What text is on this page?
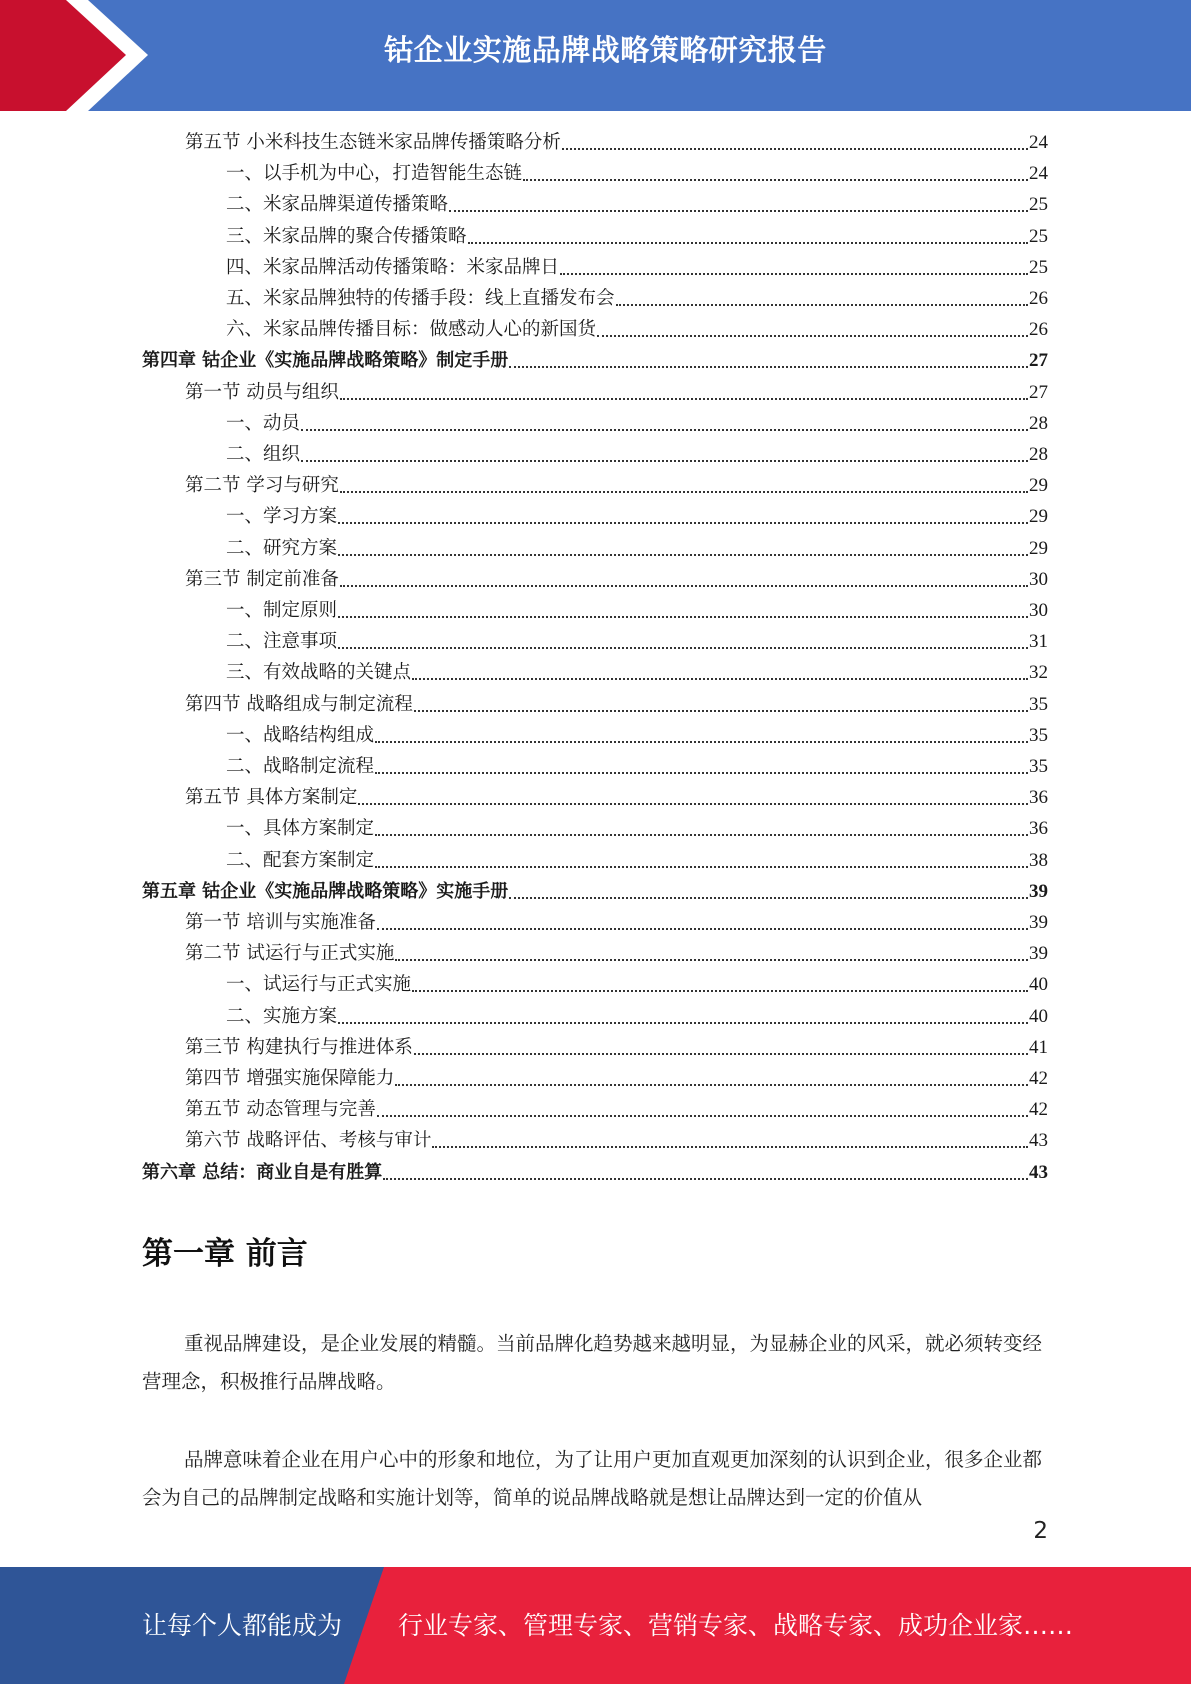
钴企业实施品牌战略策略研究报告
第一章 前言
重视品牌建设，是企业发展的精髓。当前品牌化趋势越来越明显，为显赫企业的风采，就必须转变经营理念，积极推行品牌战略。
品牌意味着企业在用户心中的形象和地位，为了让用户更加直观更加深刻的认识到企业，很多企业都会为自己的品牌制定战略和实施计划等，简单的说品牌战略就是想让品牌达到一定的价值从
2
让每个人都能成为 行业专家、管理专家、营销专家、战略专家、成功企业家……
第五节 小米科技生态链米家品牌传播策略分析	24
一、以手机为中心，打造智能生态链	24
二、米家品牌渠道传播策略	25
三、米家品牌的聚合传播策略	25
四、米家品牌活动传播策略：米家品牌日	25
五、米家品牌独特的传播手段：线上直播发布会	26
六、米家品牌传播目标：做感动人心的新国货	26
第四章 钴企业《实施品牌战略策略》制定手册	27
第一节 动员与组织	27
一、动员	28
二、组织	28
第二节 学习与研究	29
一、学习方案	29
二、研究方案	29
第三节 制定前准备	30
一、制定原则	30
二、注意事项	31
三、有效战略的关键点	32
第四节 战略组成与制定流程	35
一、战略结构组成	35
二、战略制定流程	35
第五节 具体方案制定	36
一、具体方案制定	36
二、配套方案制定	38
第五章 钴企业《实施品牌战略策略》实施手册	39
第一节 培训与实施准备	39
第二节 试运行与正式实施	39
一、试运行与正式实施	40
二、实施方案	40
第三节 构建执行与推进体系	41
第四节 增强实施保障能力	42
第五节 动态管理与完善	42
第六节 战略评估、考核与审计	43
第六章 总结：商业自是有胜算	43
